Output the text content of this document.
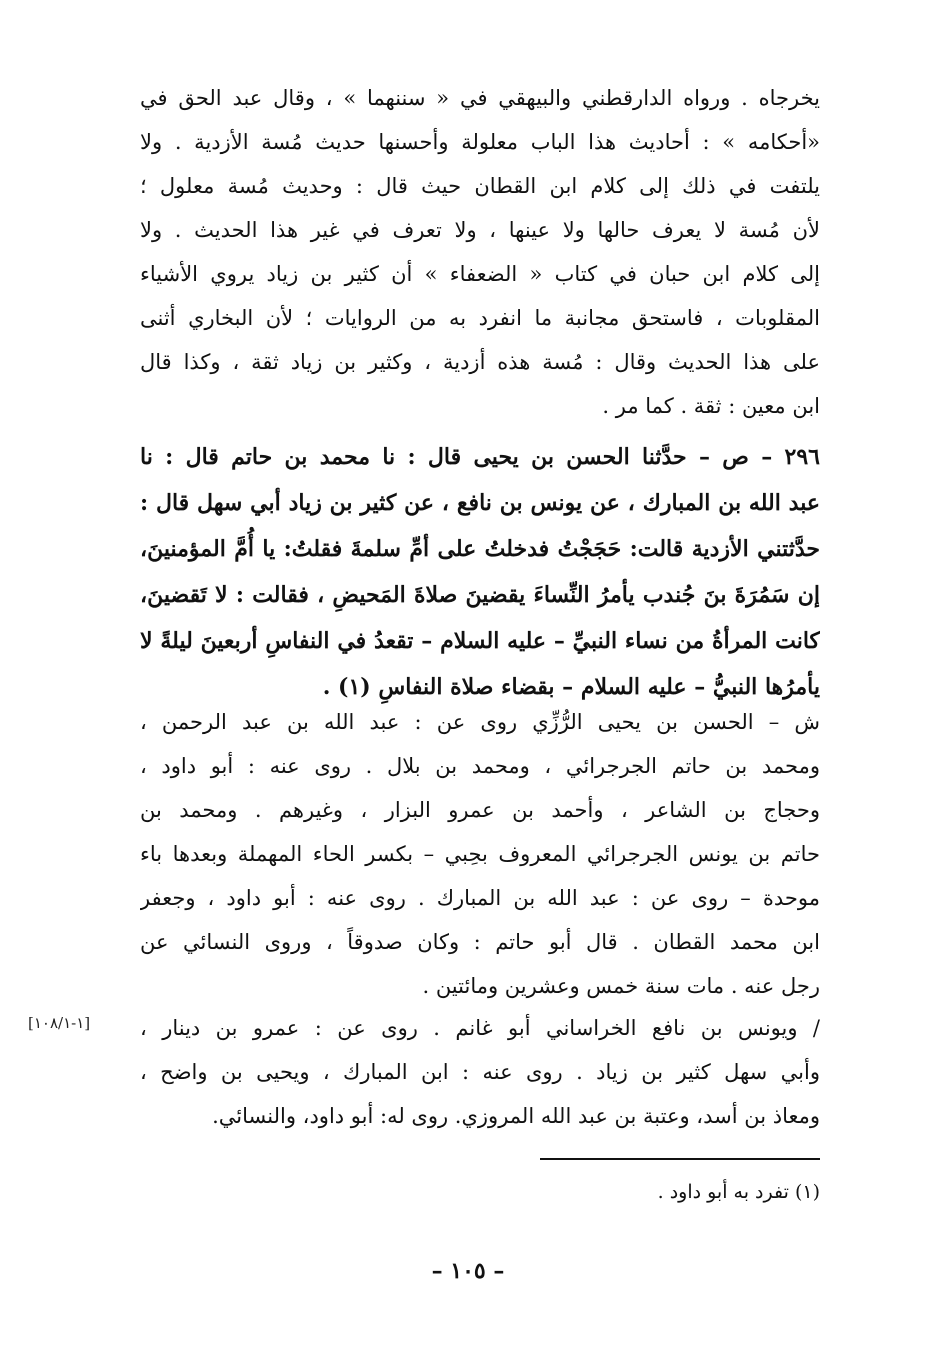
يخرجاه . ورواه الدارقطني والبيهقي في « سننهما » ، وقال عبد الحق في
«أحكامه » : أحاديث هذا الباب معلولة وأحسنها حديث مُسة الأزدية . ولا
يلتفت في ذلك إلى كلام ابن القطان حيث قال : وحديث مُسة معلول ؛
لأن مُسة لا يعرف حالها ولا عينها ، ولا تعرف في غير هذا الحديث . ولا
إلى كلام ابن حبان في كتاب « الضعفاء » أن كثير بن زياد يروي الأشياء
المقلوبات ، فاستحق مجانبة ما انفرد به من الروايات ؛ لأن البخاري أثنى
على هذا الحديث وقال : مُسة هذه أزدية ، وكثير بن زياد ثقة ، وكذا قال
ابن معين : ثقة . كما مر .
٢٩٦ – ص – حدَّثنا الحسن بن يحيى قال : نا محمد بن حاتم قال : نا
عبد الله بن المبارك ، عن يونس بن نافع ، عن كثير بن زياد أبي سهل قال :
حدَّثتني الأزدية قالت: حَجَجْتُ فدخلتُ على أمِّ سلمةَ فقلتُ: يا أُمَّ المؤمنينَ،
إن سَمُرَةَ بنَ جُندب يأمرُ النِّساءَ يقضينَ صلاةَ المَحيضِ ، فقالت : لا تَقضينَ،
كانت المرأةُ من نساء النبيِّ – عليه السلام – تقعدُ في النفاسِ أربعينَ ليلةً لا
يأمرُها النبيُّ – عليه السلام – بقضاء صلاة النفاسِ (١) .
ش – الحسن بن يحيى الرُّزِّي روى عن : عبد الله بن عبد الرحمن ،
ومحمد بن حاتم الجرجرائي ، ومحمد بن بلال . روى عنه : أبو داود ،
وحجاج بن الشاعر ، وأحمد بن عمرو البزار ، وغيرهم . ومحمد بن
حاتم بن يونس الجرجرائي المعروف بحِبي – بكسر الحاء المهملة وبعدها باء
موحدة – روى عن : عبد الله بن المبارك . روى عنه : أبو داود ، وجعفر
ابن محمد القطان . قال أبو حاتم : وكان صدوقاً ، وروى النسائي عن
رجل عنه . مات سنة خمس وعشرين ومائتين .
[١-١٠٨/١] / ويونس بن نافع الخراساني أبو غانم . روى عن : عمرو بن دينار ،
وأبي سهل كثير بن زياد . روى عنه : ابن المبارك ، ويحيى بن واضح ،
ومعاذ بن أسد، وعتبة بن عبد الله المروزي. روى له: أبو داود، والنسائي.
(١) تفرد به أبو داود .
– ١٠٥ –
